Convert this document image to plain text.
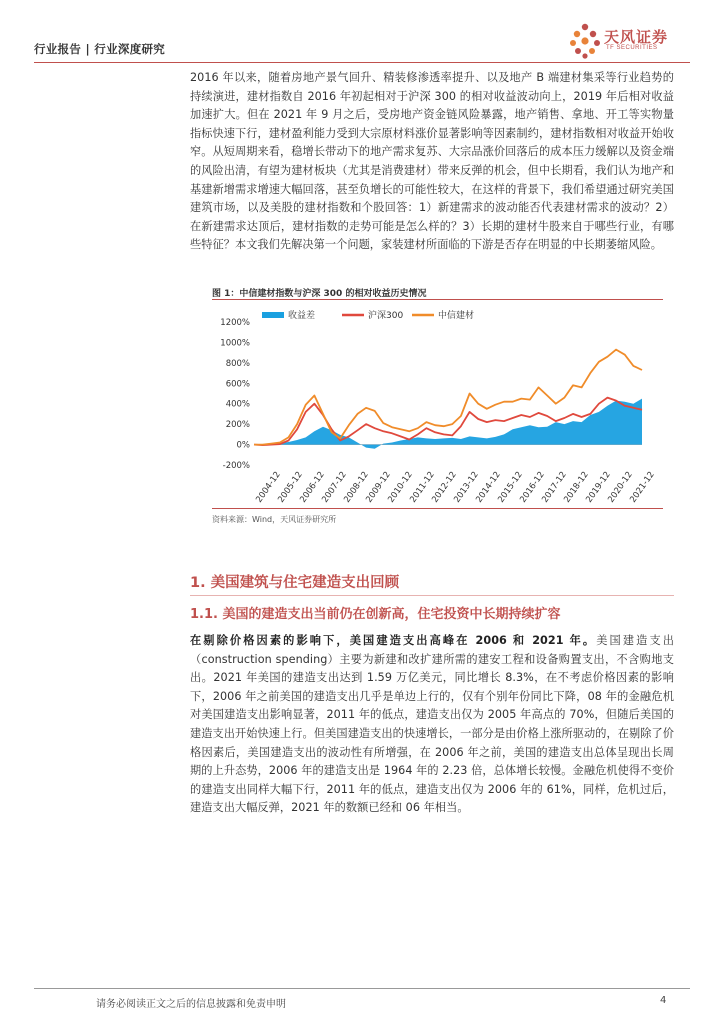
行业报告 | 行业深度研究
天风证券
TF SECURITIES
2016 年以来，随着房地产景气回升、精装修渗透率提升、以及地产 B 端建材集采等行业趋势的持续演进，建材指数自 2016 年初起相对于沪深 300 的相对收益波动向上，2019 年后相对收益加速扩大。但在 2021 年 9 月之后，受房地产资金链风险暴露，地产销售、拿地、开工等实物量指标快速下行，建材盈利能力受到大宗原材料涨价显著影响等因素制约，建材指数相对收益开始收窄。从短周期来看，稳增长带动下的地产需求复苏、大宗品涨价回落后的成本压力缓解以及资金端的风险出清，有望为建材板块（尤其是消费建材）带来反弹的机会，但中长期看，我们认为地产和基建新增需求增速大幅回落，甚至负增长的可能性较大，在这样的背景下，我们希望通过研究美国建筑市场，以及美股的建材指数和个股回答：1）新建需求的波动能否代表建材需求的波动？2）在新建需求达顶后，建材指数的走势可能是怎么样的？3）长期的建材牛股来自于哪些行业，有哪些特征？本文我们先解决第一个问题，家装建材所面临的下游是否存在明显的中长期萎缩风险。
图 1：中信建材指数与沪深 300 的相对收益历史情况
1200%
1000%
800%
600%
400%
200%
0%
-200%
收益差	沪深300	中信建材
2004-12
2005-12
2006-12
2007-12
2008-12
2009-12
2010-12
2011-12
2012-12
2013-12
2014-12
2015-12
2016-12
2017-12
2018-12
2019-12
2020-12
2021-12
资料来源：Wind，天风证券研究所
1. 美国建筑与住宅建造支出回顾
1.1. 美国的建造支出当前仍在创新高，住宅投资中长期持续扩容
在剔除价格因素的影响下，美国建造支出高峰在 2006 和 2021 年。美国建造支出（construction spending）主要为新建和改扩建所需的建安工程和设备购置支出，不含购地支出。2021 年美国的建造支出达到 1.59 万亿美元，同比增长 8.3%，在不考虑价格因素的影响下，2006 年之前美国的建造支出几乎是单边上行的，仅有个别年份同比下降，08 年的金融危机对美国建造支出影响显著，2011 年的低点，建造支出仅为 2005 年高点的 70%，但随后美国的建造支出开始快速上行。但美国建造支出的快速增长，一部分是由价格上涨所驱动的，在剔除了价格因素后，美国建造支出的波动性有所增强，在 2006 年之前，美国的建造支出总体呈现出长周期的上升态势，2006 年的建造支出是 1964 年的 2.23 倍，总体增长较慢。金融危机使得不变价的建造支出同样大幅下行，2011 年的低点，建造支出仅为 2006 年的 61%，同样，危机过后，建造支出大幅反弹，2021 年的数额已经和 06 年相当。
请务必阅读正文之后的信息披露和免责申明	4
